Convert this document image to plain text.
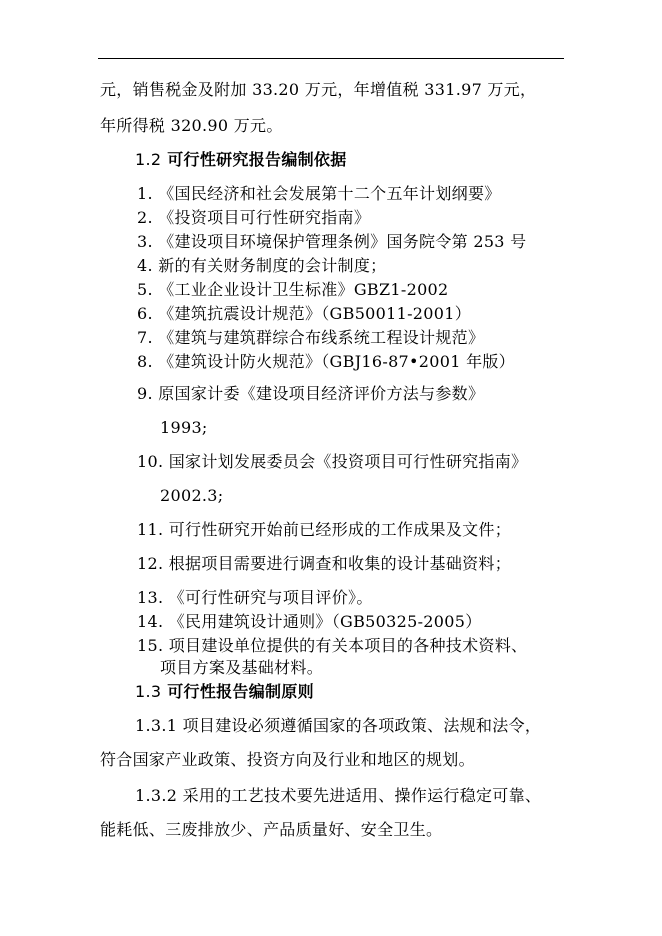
元，销售税金及附加 33.20 万元，年增值税 331.97 万元，
年所得税 320.90 万元。
1.2 可行性研究报告编制依据
1. 《国民经济和社会发展第十二个五年计划纲要》
2. 《投资项目可行性研究指南》
3. 《建设项目环境保护管理条例》国务院令第 253 号
4. 新的有关财务制度的会计制度；
5. 《工业企业设计卫生标准》GBZ1-2002
6. 《建筑抗震设计规范》（GB50011-2001）
7. 《建筑与建筑群综合布线系统工程设计规范》
8. 《建筑设计防火规范》（GBJ16-87•2001 年版）
9. 原国家计委《建设项目经济评价方法与参数》
1993;
10. 国家计划发展委员会《投资项目可行性研究指南》
2002.3;
11. 可行性研究开始前已经形成的工作成果及文件；
12. 根据项目需要进行调查和收集的设计基础资料；
13. 《可行性研究与项目评价》。
14. 《民用建筑设计通则》（GB50325-2005）
15. 项目建设单位提供的有关本项目的各种技术资料、
项目方案及基础材料。
1.3 可行性报告编制原则
1.3.1 项目建设必须遵循国家的各项政策、法规和法令，
符合国家产业政策、投资方向及行业和地区的规划。
1.3.2 采用的工艺技术要先进适用、操作运行稳定可靠、
能耗低、三废排放少、产品质量好、安全卫生。
